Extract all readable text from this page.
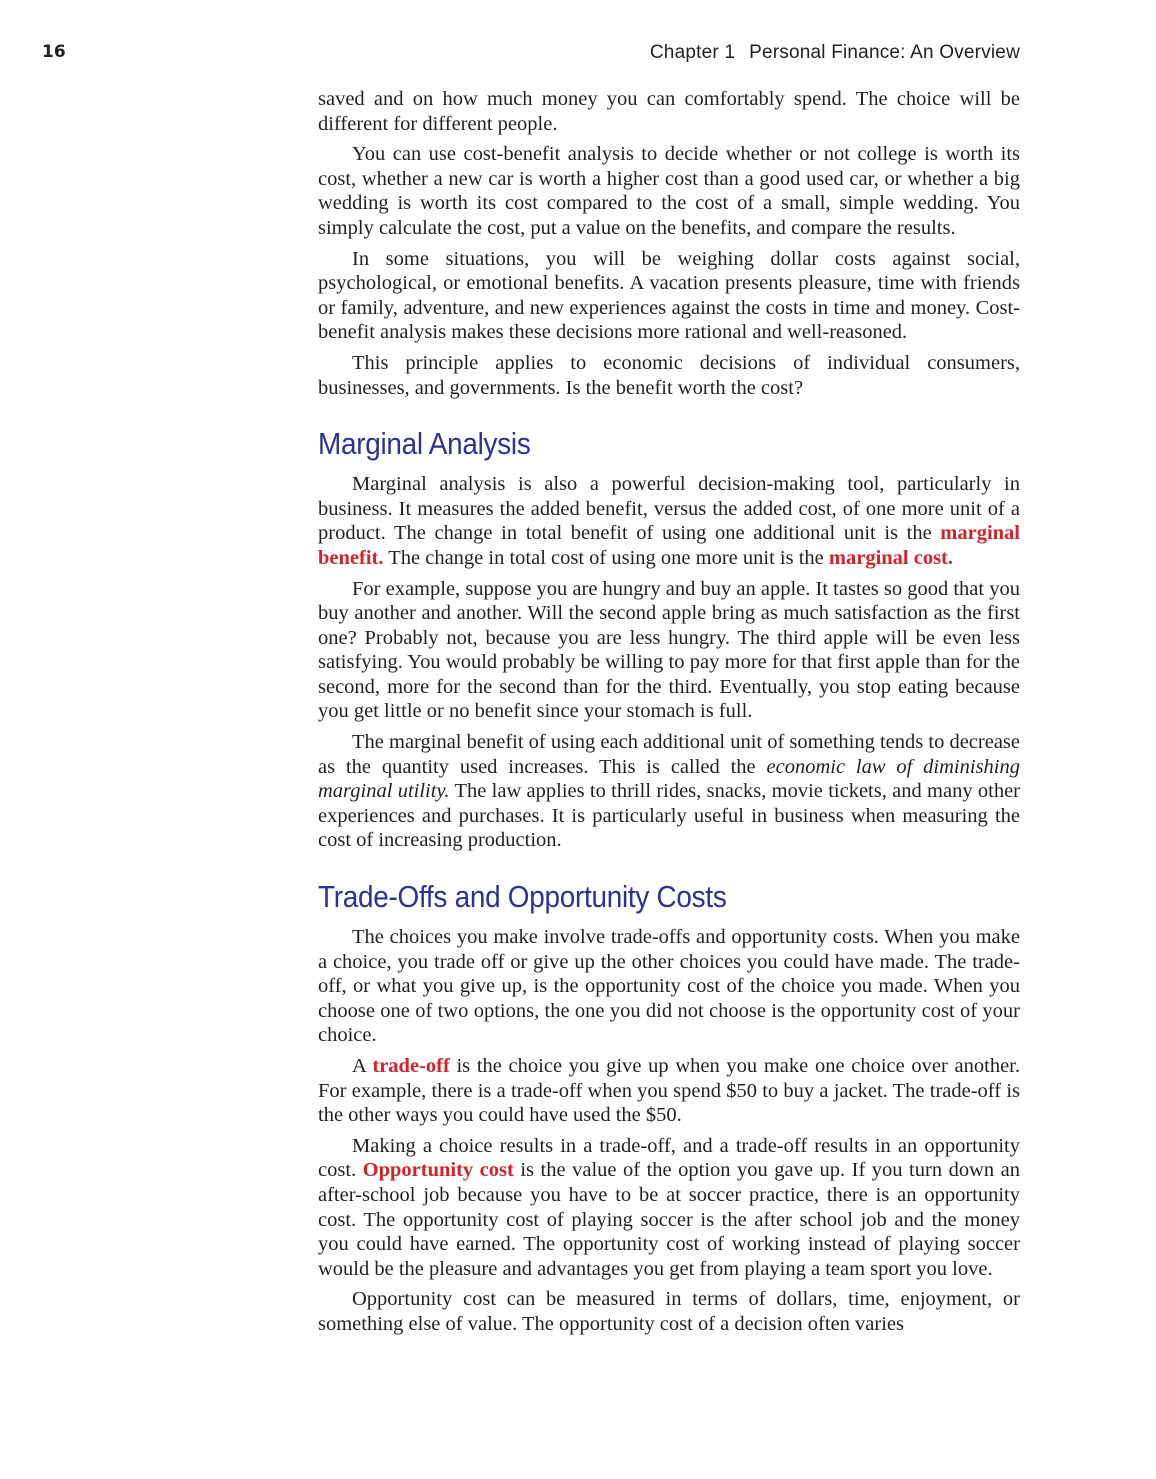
16	Chapter 1 Personal Finance: An Overview

saved and on how much money you can comfortably spend. The choice will be different for different people.

You can use cost-benefit analysis to decide whether or not college is worth its cost, whether a new car is worth a higher cost than a good used car, or whether a big wedding is worth its cost compared to the cost of a small, simple wedding. You simply calculate the cost, put a value on the benefits, and compare the results.

In some situations, you will be weighing dollar costs against social, psychological, or emotional benefits. A vacation presents pleasure, time with friends or family, adventure, and new experiences against the costs in time and money. Cost-benefit analysis makes these decisions more rational and well-reasoned.

This principle applies to economic decisions of individual consumers, businesses, and governments. Is the benefit worth the cost?

Marginal Analysis

Marginal analysis is also a powerful decision-making tool, particularly in business. It measures the added benefit, versus the added cost, of one more unit of a product. The change in total benefit of using one additional unit is the marginal benefit. The change in total cost of using one more unit is the marginal cost.

For example, suppose you are hungry and buy an apple. It tastes so good that you buy another and another. Will the second apple bring as much satisfaction as the first one? Probably not, because you are less hungry. The third apple will be even less satisfying. You would probably be willing to pay more for that first apple than for the second, more for the second than for the third. Eventually, you stop eating because you get little or no benefit since your stomach is full.

The marginal benefit of using each additional unit of something tends to decrease as the quantity used increases. This is called the economic law of diminishing marginal utility. The law applies to thrill rides, snacks, movie tickets, and many other experiences and purchases. It is particularly useful in business when measuring the cost of increasing production.

Trade-Offs and Opportunity Costs

The choices you make involve trade-offs and opportunity costs. When you make a choice, you trade off or give up the other choices you could have made. The trade-off, or what you give up, is the opportunity cost of the choice you made. When you choose one of two options, the one you did not choose is the opportunity cost of your choice.

A trade-off is the choice you give up when you make one choice over another. For example, there is a trade-off when you spend $50 to buy a jacket. The trade-off is the other ways you could have used the $50.

Making a choice results in a trade-off, and a trade-off results in an opportunity cost. Opportunity cost is the value of the option you gave up. If you turn down an after-school job because you have to be at soccer practice, there is an opportunity cost. The opportunity cost of playing soccer is the after school job and the money you could have earned. The opportunity cost of working instead of playing soccer would be the pleasure and advantages you get from playing a team sport you love.

Opportunity cost can be measured in terms of dollars, time, enjoyment, or something else of value. The opportunity cost of a decision often varies
